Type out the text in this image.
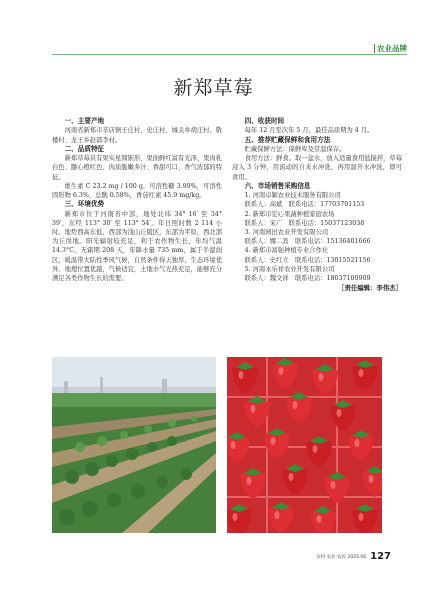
农业品牌
新郑草莓
一、主要产地

河南省新郑市辛店镇王庄村、史庄村、城关乡胡庄村、敬楼村、龙王乡赵郭李村。

二、品质特征

新郑草莓具有果实星圆锥形、果面鲜红富有光泽、果肉乳白色、髓心橙红色、肉质脆嫩多汁、香甜可口、香气浓郁的特征。

维生素 C 23.2 mg / 100 g，可溶性糖 3.99%，可溶性固形物 6.3%，总酸 0.58%，香茄红素 45.9 mg/kg。

三、环境优势

新郑市位于河南省中部，地处北纬 34° 16′ 至 34° 39′，东经 113° 30′ 至 113° 54′。年日照时数 2 114 小时。地势西高东低，西部为浅山丘陵区，东部为平原，西北部为丘岗地。阳光辐射较充足，利于农作物生长，年均气温 14.3°C，无霜期 208 天，年降水量 735 mm，属于半湿润区，暖温带大陆性季风气候，自然条件得天独厚，生态环境优异，地理位置优越，气候适宜，土地水气光热充足，能够充分满足各类作物生长的需要。

四、收获时间

每年 12 月至次年 5 月，最佳品质期为 4 月。

五、推荐贮藏保鲜和食用方法

贮藏保鲜方法：保鲜库及常温保存。

食用方法：鲜食。取一盆水，放入适量食用盐搅拌，草莓浸入 3 分钟，用流动的自来水冲洗，再用温开水冲洗，即可食用。

六、市场销售采购信息

1. 河南卓颖农业技术服务有限公司

联系人：高斌　联系电话：17703791153

2. 新郑市宏心果蔬种植家庭农场

联系人：宋广　联系电话：15037123038

3. 河南园田农业开发有限公司

联系人：娜二宾　联系电话：15136401666

4. 新郑市富强种植专业合作社

联系人：史红立　联系电话：13015521156

5. 河南永乐祥农业开发有限公司

联系人：魏文祥　联系电话：18037100909

［责任编辑：李伟杰］

农村·农业·农民 2025.06 127
